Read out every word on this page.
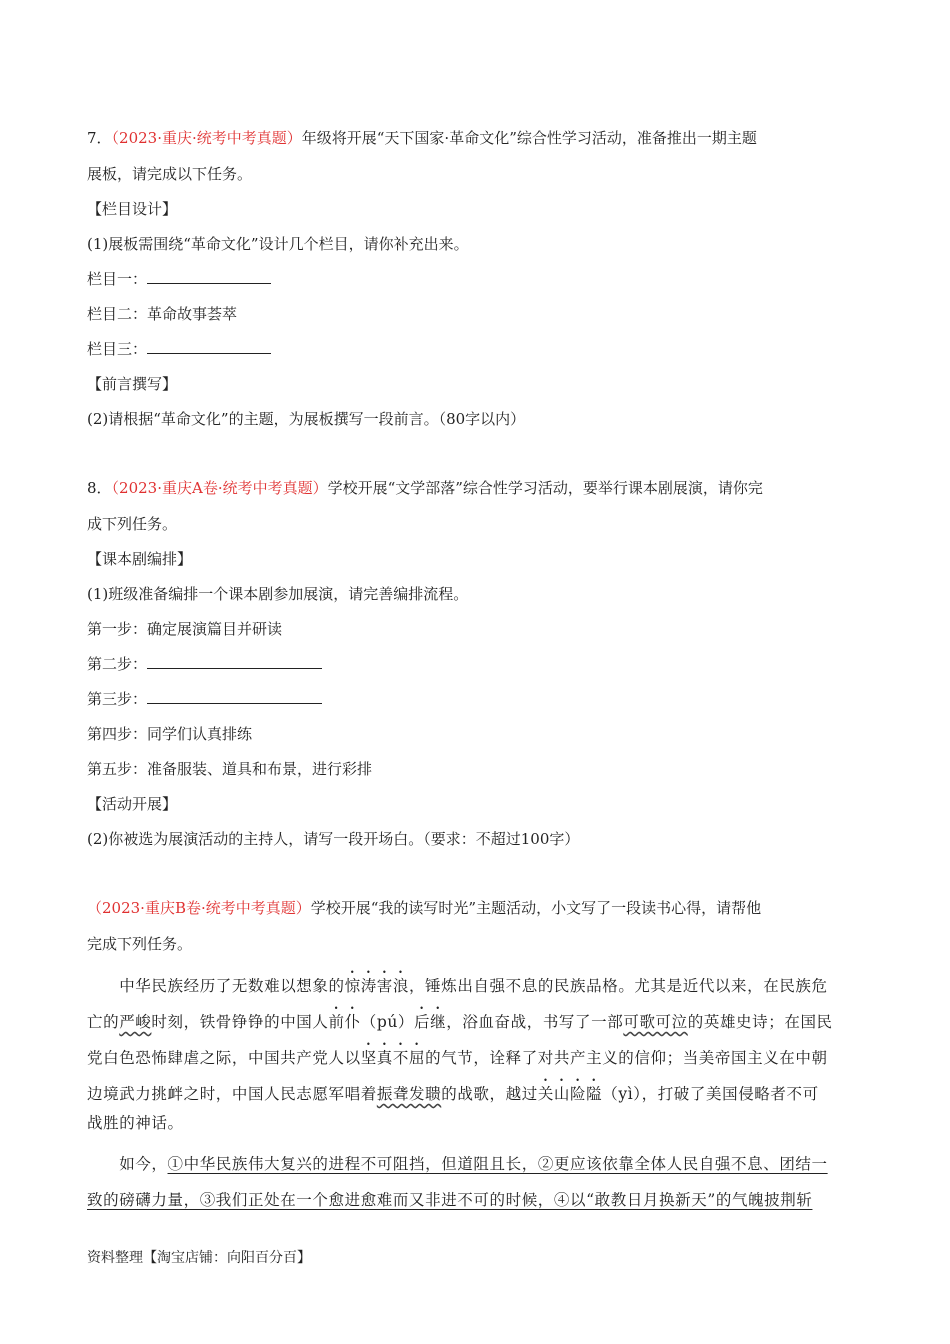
7．（2023·重庆·统考中考真题）年级将开展“天下国家·革命文化”综合性学习活动，准备推出一期主题
展板，请完成以下任务。
【栏目设计】
(1)展板需围绕“革命文化”设计几个栏目，请你补充出来。
栏目一：
栏目二：革命故事荟萃
栏目三：
【前言撰写】
(2)请根据“革命文化”的主题，为展板撰写一段前言。（80字以内）
8．（2023·重庆A卷·统考中考真题）学校开展“文学部落”综合性学习活动，要举行课本剧展演，请你完
成下列任务。
【课本剧编排】
(1)班级准备编排一个课本剧参加展演，请完善编排流程。
第一步：确定展演篇目并研读
第二步：
第三步：
第四步：同学们认真排练
第五步：准备服装、道具和布景，进行彩排
【活动开展】
(2)你被选为展演活动的主持人，请写一段开场白。（要求：不超过100字）
（2023·重庆B卷·统考中考真题）学校开展“我的读写时光”主题活动，小文写了一段读书心得，请帮他
完成下列任务。
　　中华民族经历了无数难以想象的惊涛害浪，锤炼出自强不息的民族品格。尤其是近代以来，在民族危
亡的严峻时刻，铁骨铮铮的中国人前仆（pú）后继，浴血奋战，书写了一部可歌可泣的英雄史诗；在国民
党白色恐怖肆虐之际，中国共产党人以坚真不屈的气节，诠释了对共产主义的信仰；当美帝国主义在中朝
边境武力挑衅之时，中国人民志愿军唱着振聋发聩的战歌，越过关山险隘（yì），打破了美国侵略者不可
战胜的神话。
　　如今，①中华民族伟大复兴的进程不可阻挡，但道阻且长，②更应该依靠全体人民自强不息、团结一
致的磅礴力量，③我们正处在一个愈进愈难而又非进不可的时候，④以“敢教日月换新天”的气魄披荆斩
资料整理【淘宝店铺：向阳百分百】
